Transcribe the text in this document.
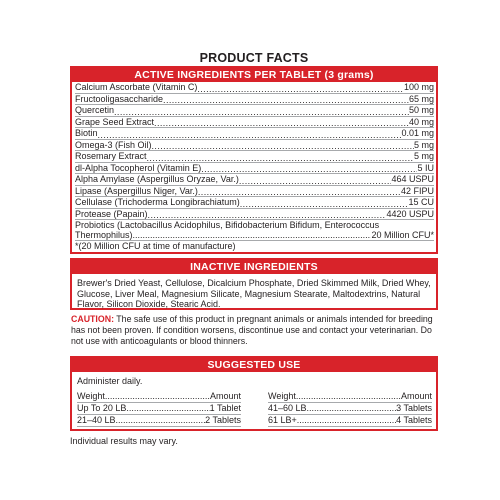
PRODUCT FACTS
ACTIVE INGREDIENTS PER TABLET (3 grams)
Calcium Ascorbate (Vitamin C) .....	100 mg
Fructooligasaccharide .....	65 mg
Quercetin .....	50 mg
Grape Seed Extract .....	40 mg
Biotin .....	0.01 mg
Omega-3 (Fish Oil) .....	5 mg
Rosemary Extract .....	5 mg
dl-Alpha Tocopherol (Vitamin E) .....	5 IU
Alpha Amylase (Aspergillus Oryzae, Var.) .....	464 USPU
Lipase (Aspergillus Niger, Var.) .....	42 FIPU
Cellulase (Trichoderma Longibrachiatum) .....	15 CU
Protease (Papain) .....	4420 USPU
Probiotics (Lactobacillus Acidophilus, Bifidobacterium Bifidum, Enterococcus
Thermophilus) .....	20 Million CFU*
*(20 Million CFU at time of manufacture)
INACTIVE INGREDIENTS
Brewer's Dried Yeast, Cellulose, Dicalcium Phosphate, Dried Skimmed Milk, Dried Whey, Glucose, Liver Meal, Magnesium Silicate, Magnesium Stearate, Maltodextrins, Natural Flavor, Silicon Dioxide, Stearic Acid.
CAUTION: The safe use of this product in pregnant animals or animals intended for breeding has not been proven. If condition worsens, discontinue use and contact your veterinarian. Do not use with anticoagulants or blood thinners.
SUGGESTED USE
Administer daily.
Weight .....	Amount
Up To 20 LB .....	1 Tablet
21–40 LB .....	2 Tablets
Weight .....	Amount
41–60 LB .....	3 Tablets
61 LB+ .....	4 Tablets
Individual results may vary.
